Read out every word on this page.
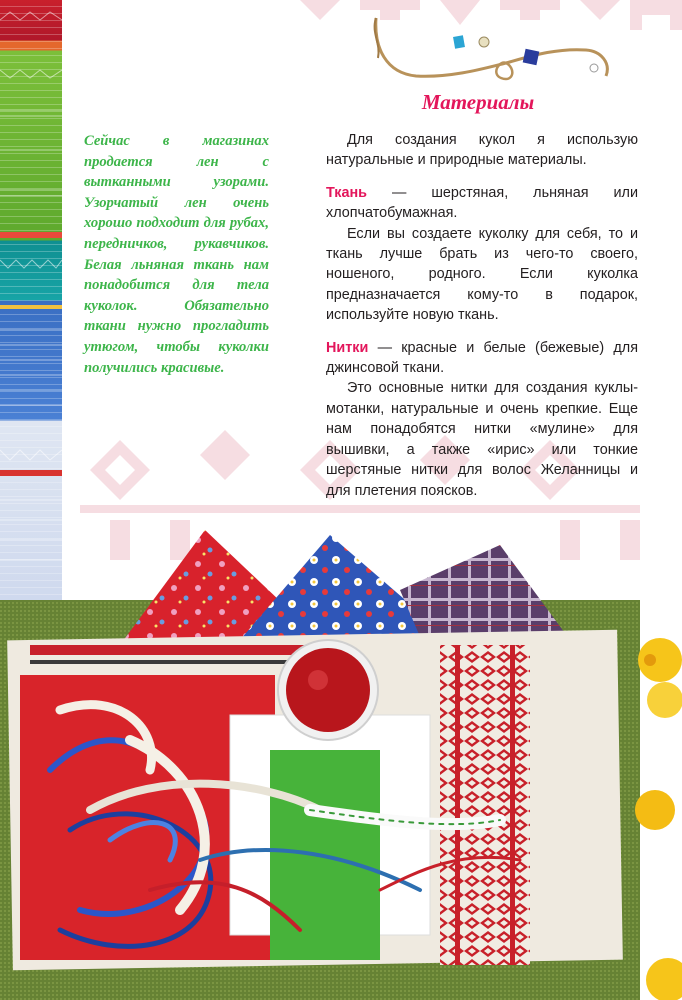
Материалы
Сейчас в магазинах продается лен с вытканными узорами. Узорчатый лен очень хорошо подходит для рубах, передничков, рукавчиков. Белая льняная ткань нам понадобится для тела куколок. Обязательно ткани нужно прогладить утюгом, чтобы куколки получились красивые.

Для создания кукол я использую натуральные и природные материалы.

Ткань — шерстяная, льняная или хлопчатобумажная.

Если вы создаете куколку для себя, то и ткань лучше брать из чего-то своего, ношеного, родного. Если куколка предназначается кому-то в подарок, используйте новую ткань.

Нитки — красные и белые (бежевые) для джинсовой ткани.

Это основные нитки для создания куклы-мотанки, натуральные и очень крепкие. Еще нам понадобятся нитки «мулине» для вышивки, а также «ирис» или тонкие шерстяные нитки для волос Желанницы и для плетения поясков.
